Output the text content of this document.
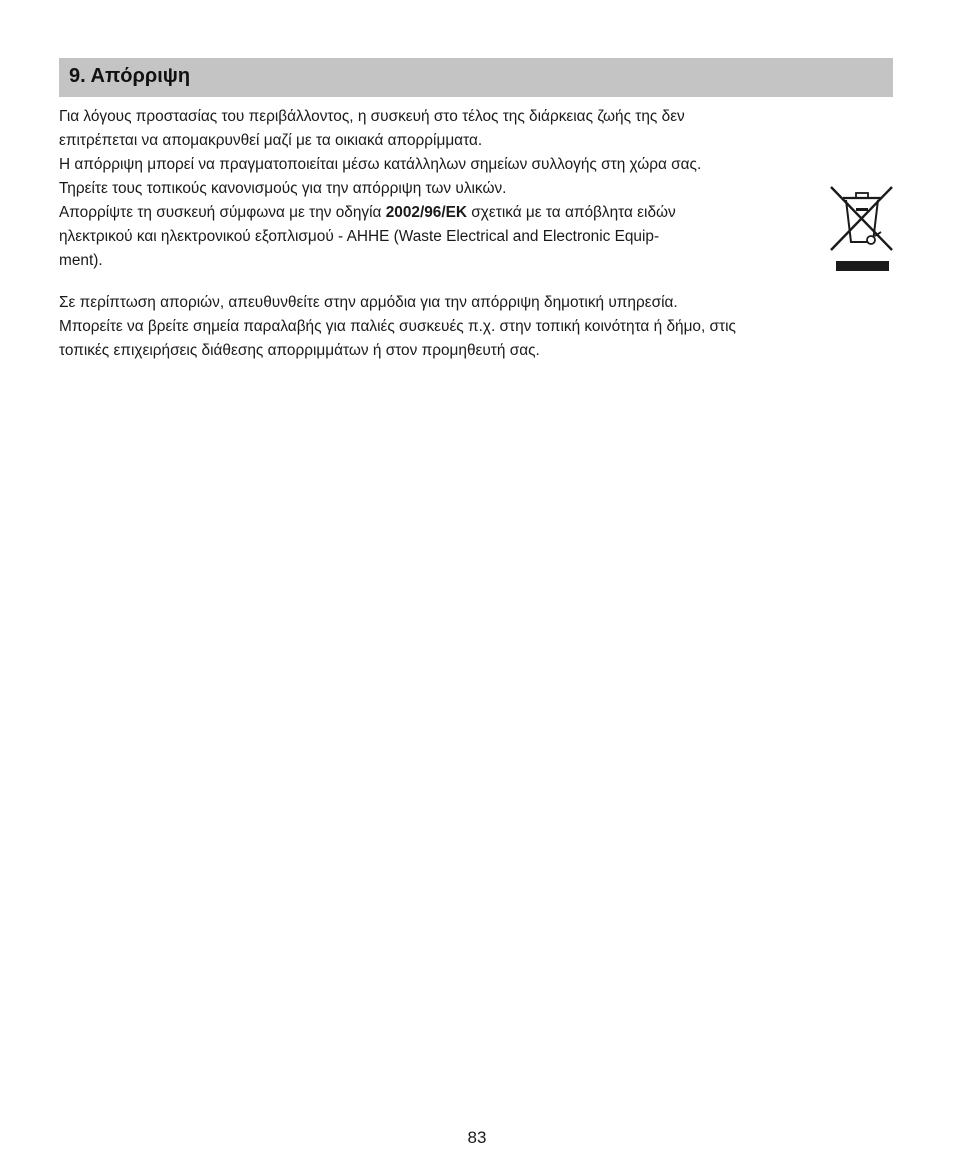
9. Απόρριψη
Για λόγους προστασίας του περιβάλλοντος, η συσκευή στο τέλος της διάρκειας ζωής της δεν
επιτρέπεται να απομακρυνθεί μαζί με τα οικιακά απορρίμματα.
Η απόρριψη μπορεί να πραγματοποιείται μέσω κατάλληλων σημείων συλλογής στη χώρα σας.
Τηρείτε τους τοπικούς κανονισμούς για την απόρριψη των υλικών.
Απορρίψτε τη συσκευή σύμφωνα με την οδηγία 2002/96/EK σχετικά με τα απόβλητα ειδών
ηλεκτρικού και ηλεκτρονικού εξοπλισμού - ΑΗΗΕ (Waste Electrical and Electronic Equip-
ment).
Σε περίπτωση αποριών, απευθυνθείτε στην αρμόδια για την απόρριψη δημοτική υπηρεσία.
Μπορείτε να βρείτε σημεία παραλαβής για παλιές συσκευές π.χ. στην τοπική κοινότητα ή δήμο, στις
τοπικές επιχειρήσεις διάθεσης απορριμμάτων ή στον προμηθευτή σας.
83
